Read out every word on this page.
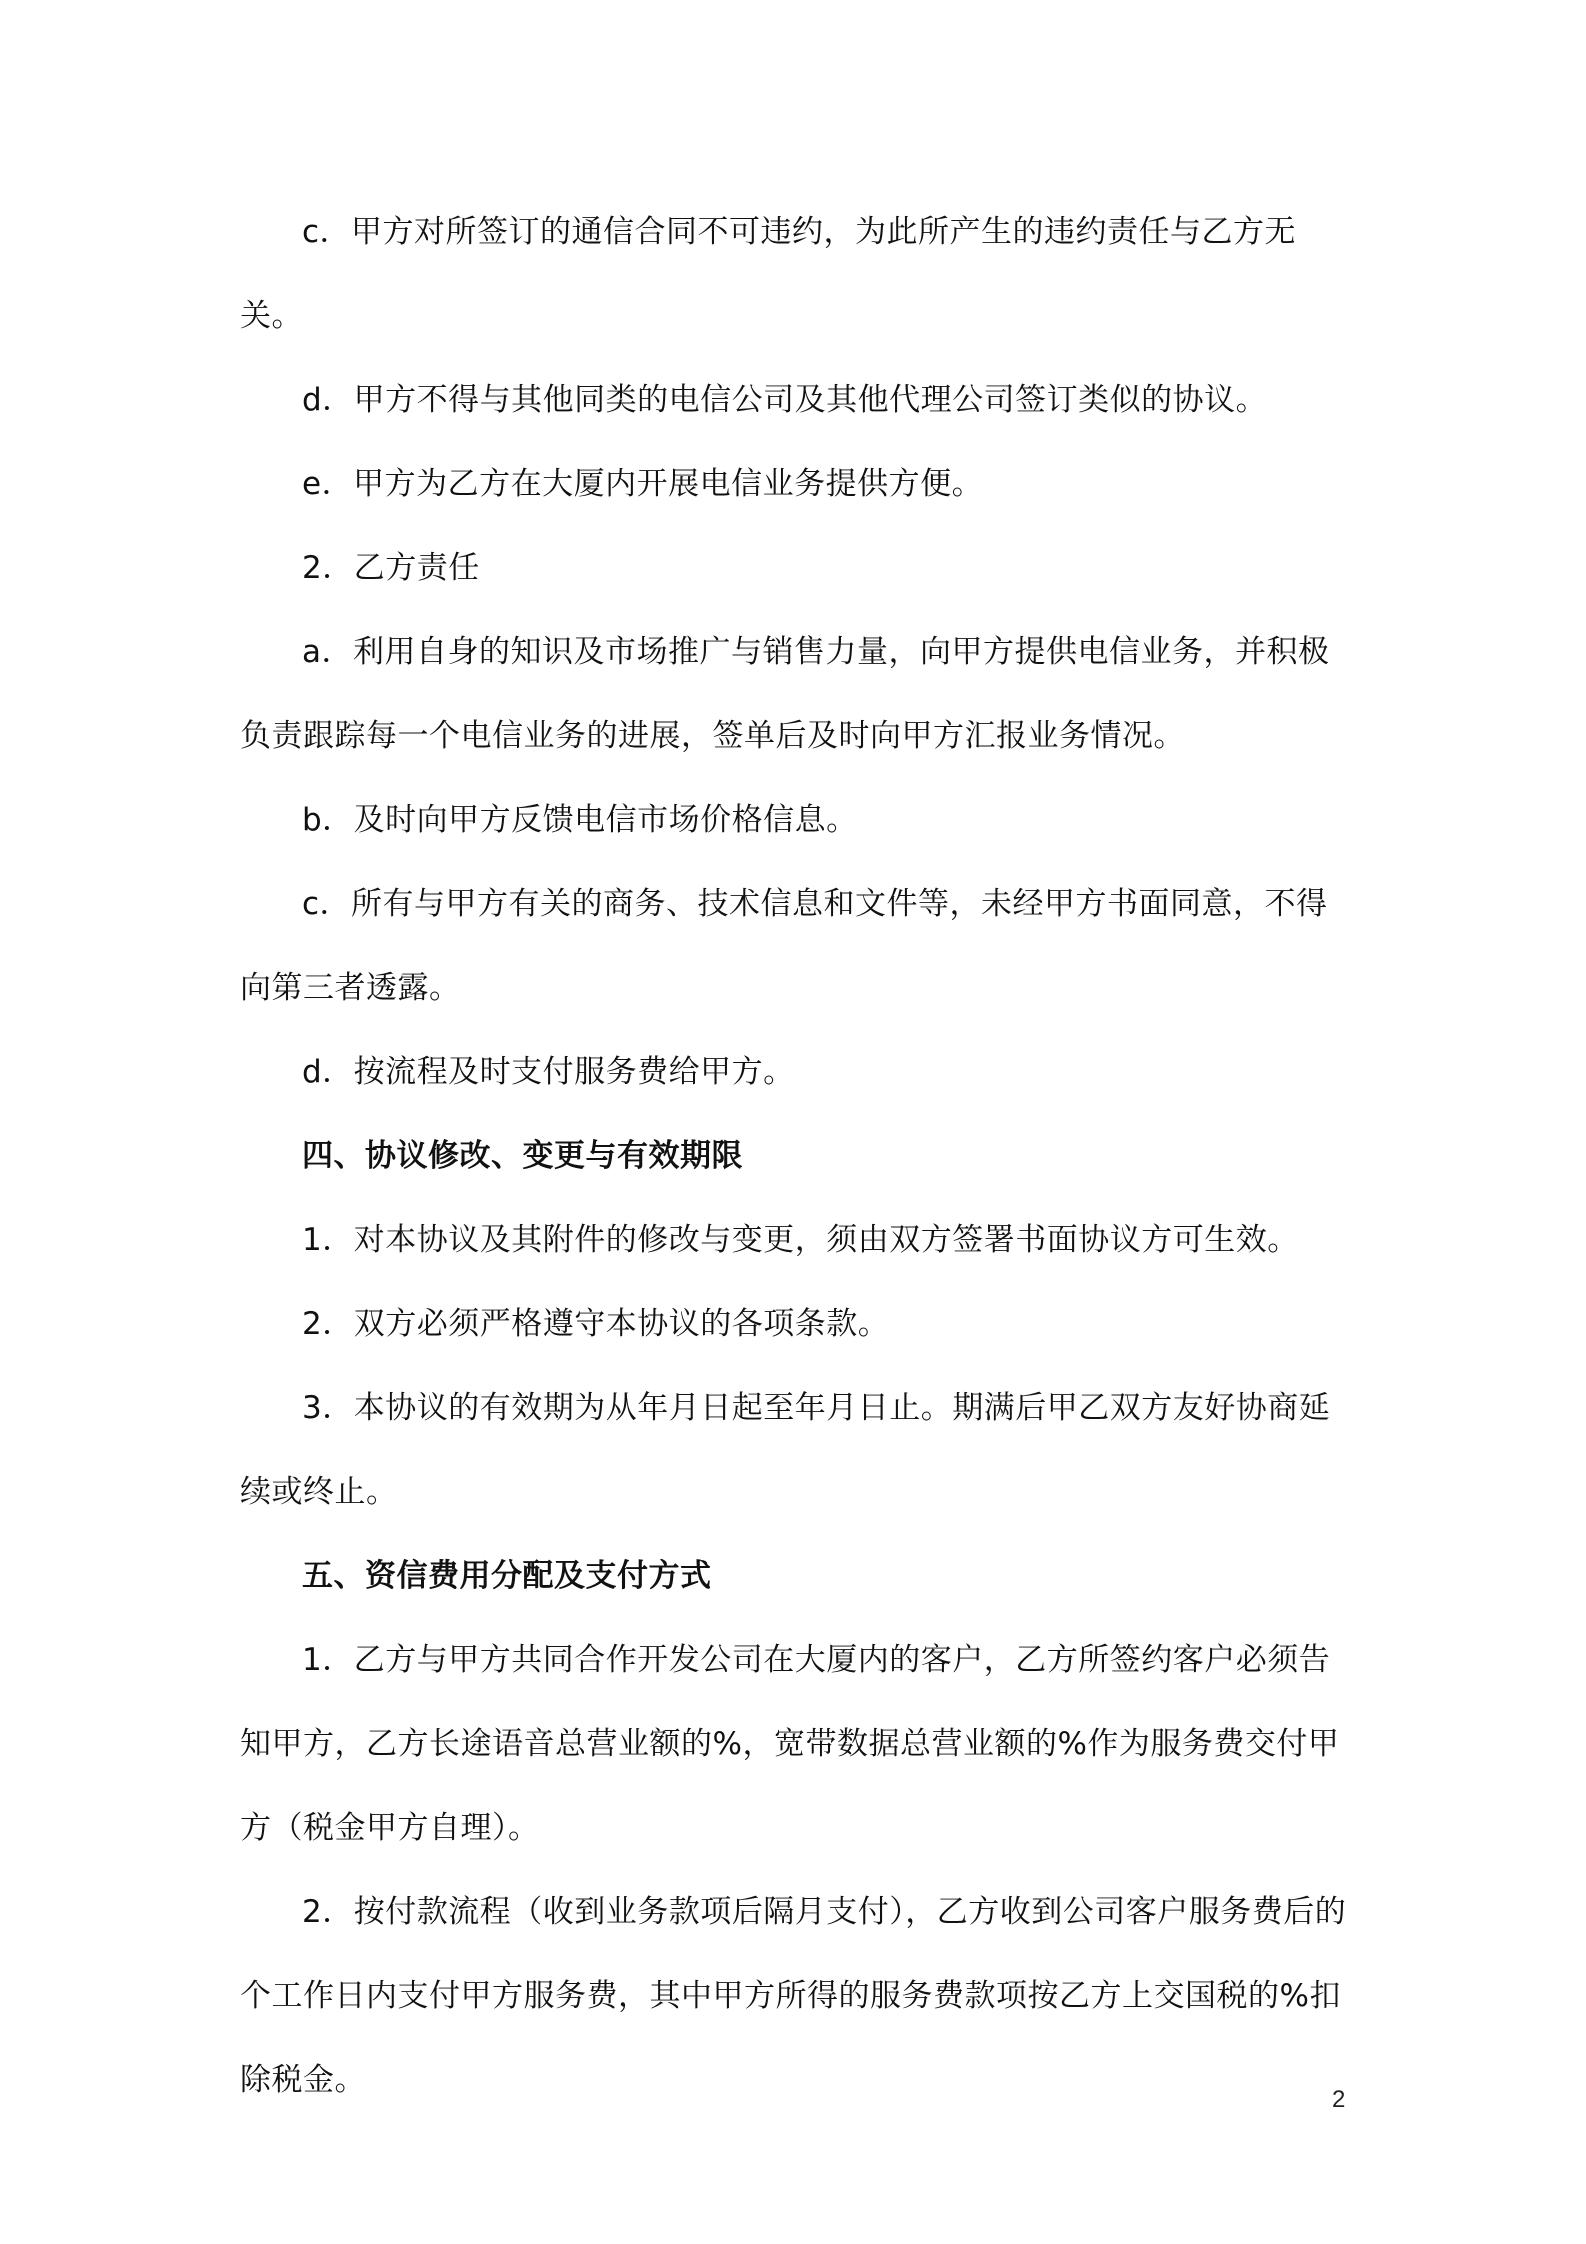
c．甲方对所签订的通信合同不可违约，为此所产生的违约责任与乙方无关。

d．甲方不得与其他同类的电信公司及其他代理公司签订类似的协议。

e．甲方为乙方在大厦内开展电信业务提供方便。

2．乙方责任

a．利用自身的知识及市场推广与销售力量，向甲方提供电信业务，并积极负责跟踪每一个电信业务的进展，签单后及时向甲方汇报业务情况。

b．及时向甲方反馈电信市场价格信息。

c．所有与甲方有关的商务、技术信息和文件等，未经甲方书面同意，不得向第三者透露。

d．按流程及时支付服务费给甲方。

四、协议修改、变更与有效期限

1．对本协议及其附件的修改与变更，须由双方签署书面协议方可生效。

2．双方必须严格遵守本协议的各项条款。

3．本协议的有效期为从年月日起至年月日止。期满后甲乙双方友好协商延续或终止。

五、资信费用分配及支付方式

1．乙方与甲方共同合作开发公司在大厦内的客户，乙方所签约客户必须告知甲方，乙方长途语音总营业额的%，宽带数据总营业额的%作为服务费交付甲方（税金甲方自理）。

2．按付款流程（收到业务款项后隔月支付），乙方收到公司客户服务费后的个工作日内支付甲方服务费，其中甲方所得的服务费款项按乙方上交国税的%扣除税金。

2
